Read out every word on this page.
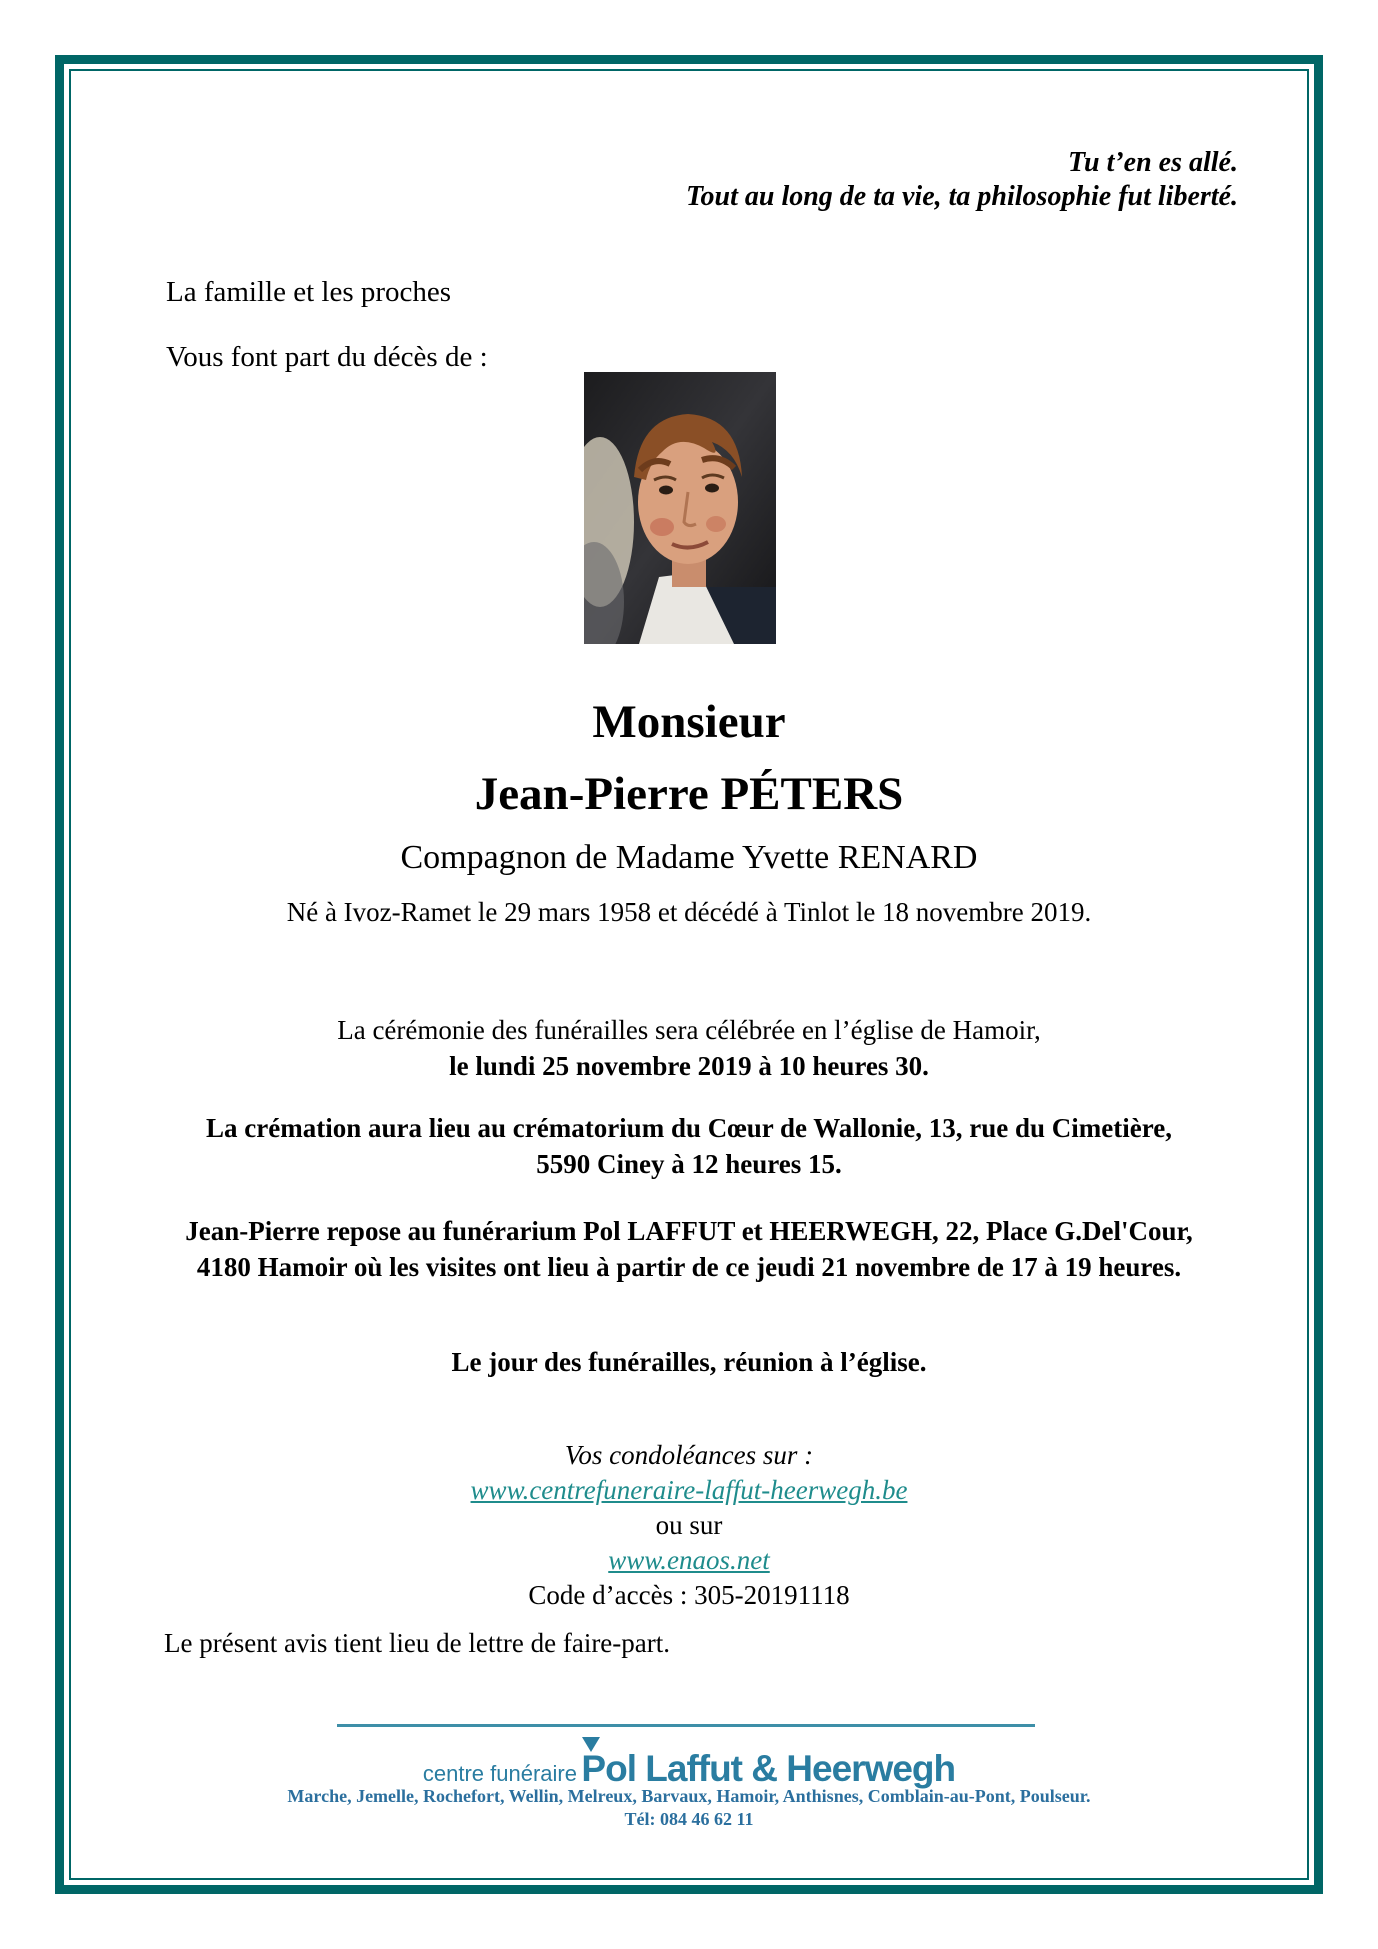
Tu t’en es allé.
Tout au long de ta vie, ta philosophie fut liberté.
La famille et les proches
Vous font part du décès de :
Monsieur
Jean-Pierre PÉTERS
Compagnon de Madame Yvette RENARD
Né à Ivoz-Ramet le 29 mars 1958 et décédé à Tinlot le 18 novembre 2019.
La cérémonie des funérailles sera célébrée en l’église de Hamoir,
le lundi 25 novembre 2019 à 10 heures 30.
La crémation aura lieu au crématorium du Cœur de Wallonie, 13, rue du Cimetière,
5590 Ciney à 12 heures 15.
Jean-Pierre repose au funérarium Pol LAFFUT et HEERWEGH, 22, Place G.Del'Cour,
4180 Hamoir où les visites ont lieu à partir de ce jeudi 21 novembre de 17 à 19 heures.
Le jour des funérailles, réunion à l’église.
Vos condoléances sur :
www.centrefuneraire-laffut-heerwegh.be
ou sur
www.enaos.net
Code d’accès : 305-20191118
Le présent avis tient lieu de lettre de faire-part.
centre funéraire Pol Laffut & Heerwegh
Marche, Jemelle, Rochefort, Wellin, Melreux, Barvaux, Hamoir, Anthisnes, Comblain-au-Pont, Poulseur.
Tél: 084 46 62 11
